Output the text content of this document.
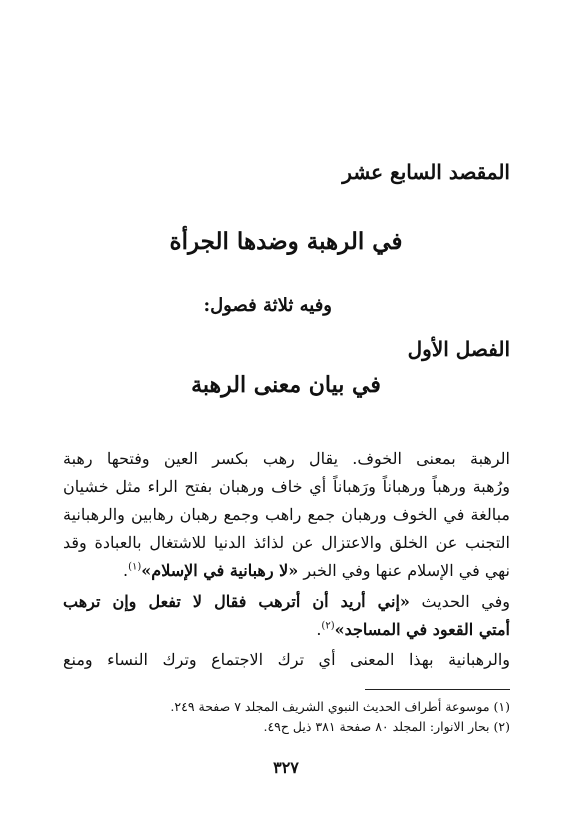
المقصد السابع عشر
في الرهبة وضدها الجرأة
وفيه ثلاثة فصول:
الفصل الأول
في بيان معنى الرهبة
الرهبة بمعنى الخوف. يقال رهب بكسر العين وفتحها رهبة
ورُهبة ورهباً ورهباناً ورَهباناً أي خاف ورهبان بفتح الراء مثل خشيان
مبالغة في الخوف ورهبان جمع راهب وجمع رهبان رهابين والرهبانية
التجنب عن الخلق والاعتزال عن لذائذ الدنيا للاشتغال بالعبادة وقد
نهي في الإسلام عنها وفي الخبر «لا رهبانية في الإسلام»$^{(١)}$.
وفي الحديث «إني أريد أن أترهب فقال لا تفعل وإن ترهب
أمتي القعود في المساجد»$^{(٢)}$.
والرهبانية بهذا المعنى أي ترك الاجتماع وترك النساء ومنع
(١) موسوعة أطراف الحديث النبوي الشريف المجلد ٧ صفحة ٢٤٩.
(٢) بحار الانوار: المجلد ٨٠ صفحة ٣٨١ ذيل ح٤٩.
٣٢٧
